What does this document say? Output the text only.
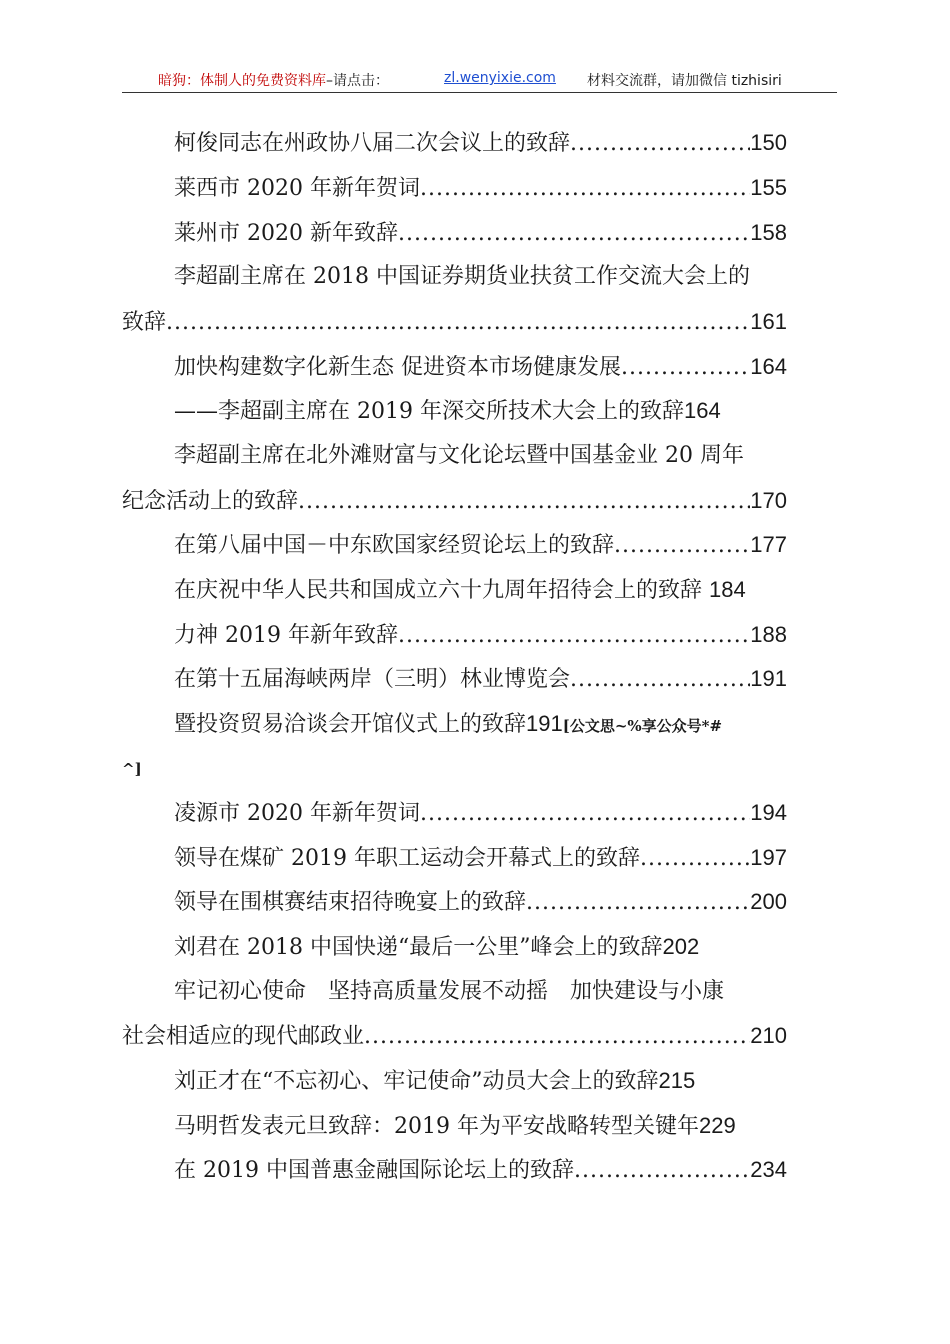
暗狗：体制人的免费资料库–请点击：	zl.wenyixie.com 材料交流群，请加微信 tizhisiri
柯俊同志在州政协八届二次会议上的致辞 .....	150
莱西市 2020 年新年贺词 .....	155
莱州市 2020 新年致辞 .....	158
李超副主席在 2018 中国证券期货业扶贫工作交流大会上的
致辞 .....	161
加快构建数字化新生态 促进资本市场健康发展 .....	164
——李超副主席在 2019 年深交所技术大会上的致辞164
李超副主席在北外滩财富与文化论坛暨中国基金业 20 周年
纪念活动上的致辞 .....	170
在第八届中国－中东欧国家经贸论坛上的致辞 .....	177
在庆祝中华人民共和国成立六十九周年招待会上的致辞 184
力神 2019 年新年致辞 .....	188
在第十五届海峡两岸（三明）林业博览会 .....	191
暨投资贸易洽谈会开馆仪式上的致辞191[公文思~%享公众号*#
^]
凌源市 2020 年新年贺词 .....	194
领导在煤矿 2019 年职工运动会开幕式上的致辞 .....	197
领导在围棋赛结束招待晚宴上的致辞 .....	200
刘君在 2018 中国快递“最后一公里”峰会上的致辞202
牢记初心使命　坚持高质量发展不动摇　加快建设与小康
社会相适应的现代邮政业 .....	210
刘正才在“不忘初心、牢记使命”动员大会上的致辞215
马明哲发表元旦致辞：2019 年为平安战略转型关键年229
在 2019 中国普惠金融国际论坛上的致辞 .....	234
